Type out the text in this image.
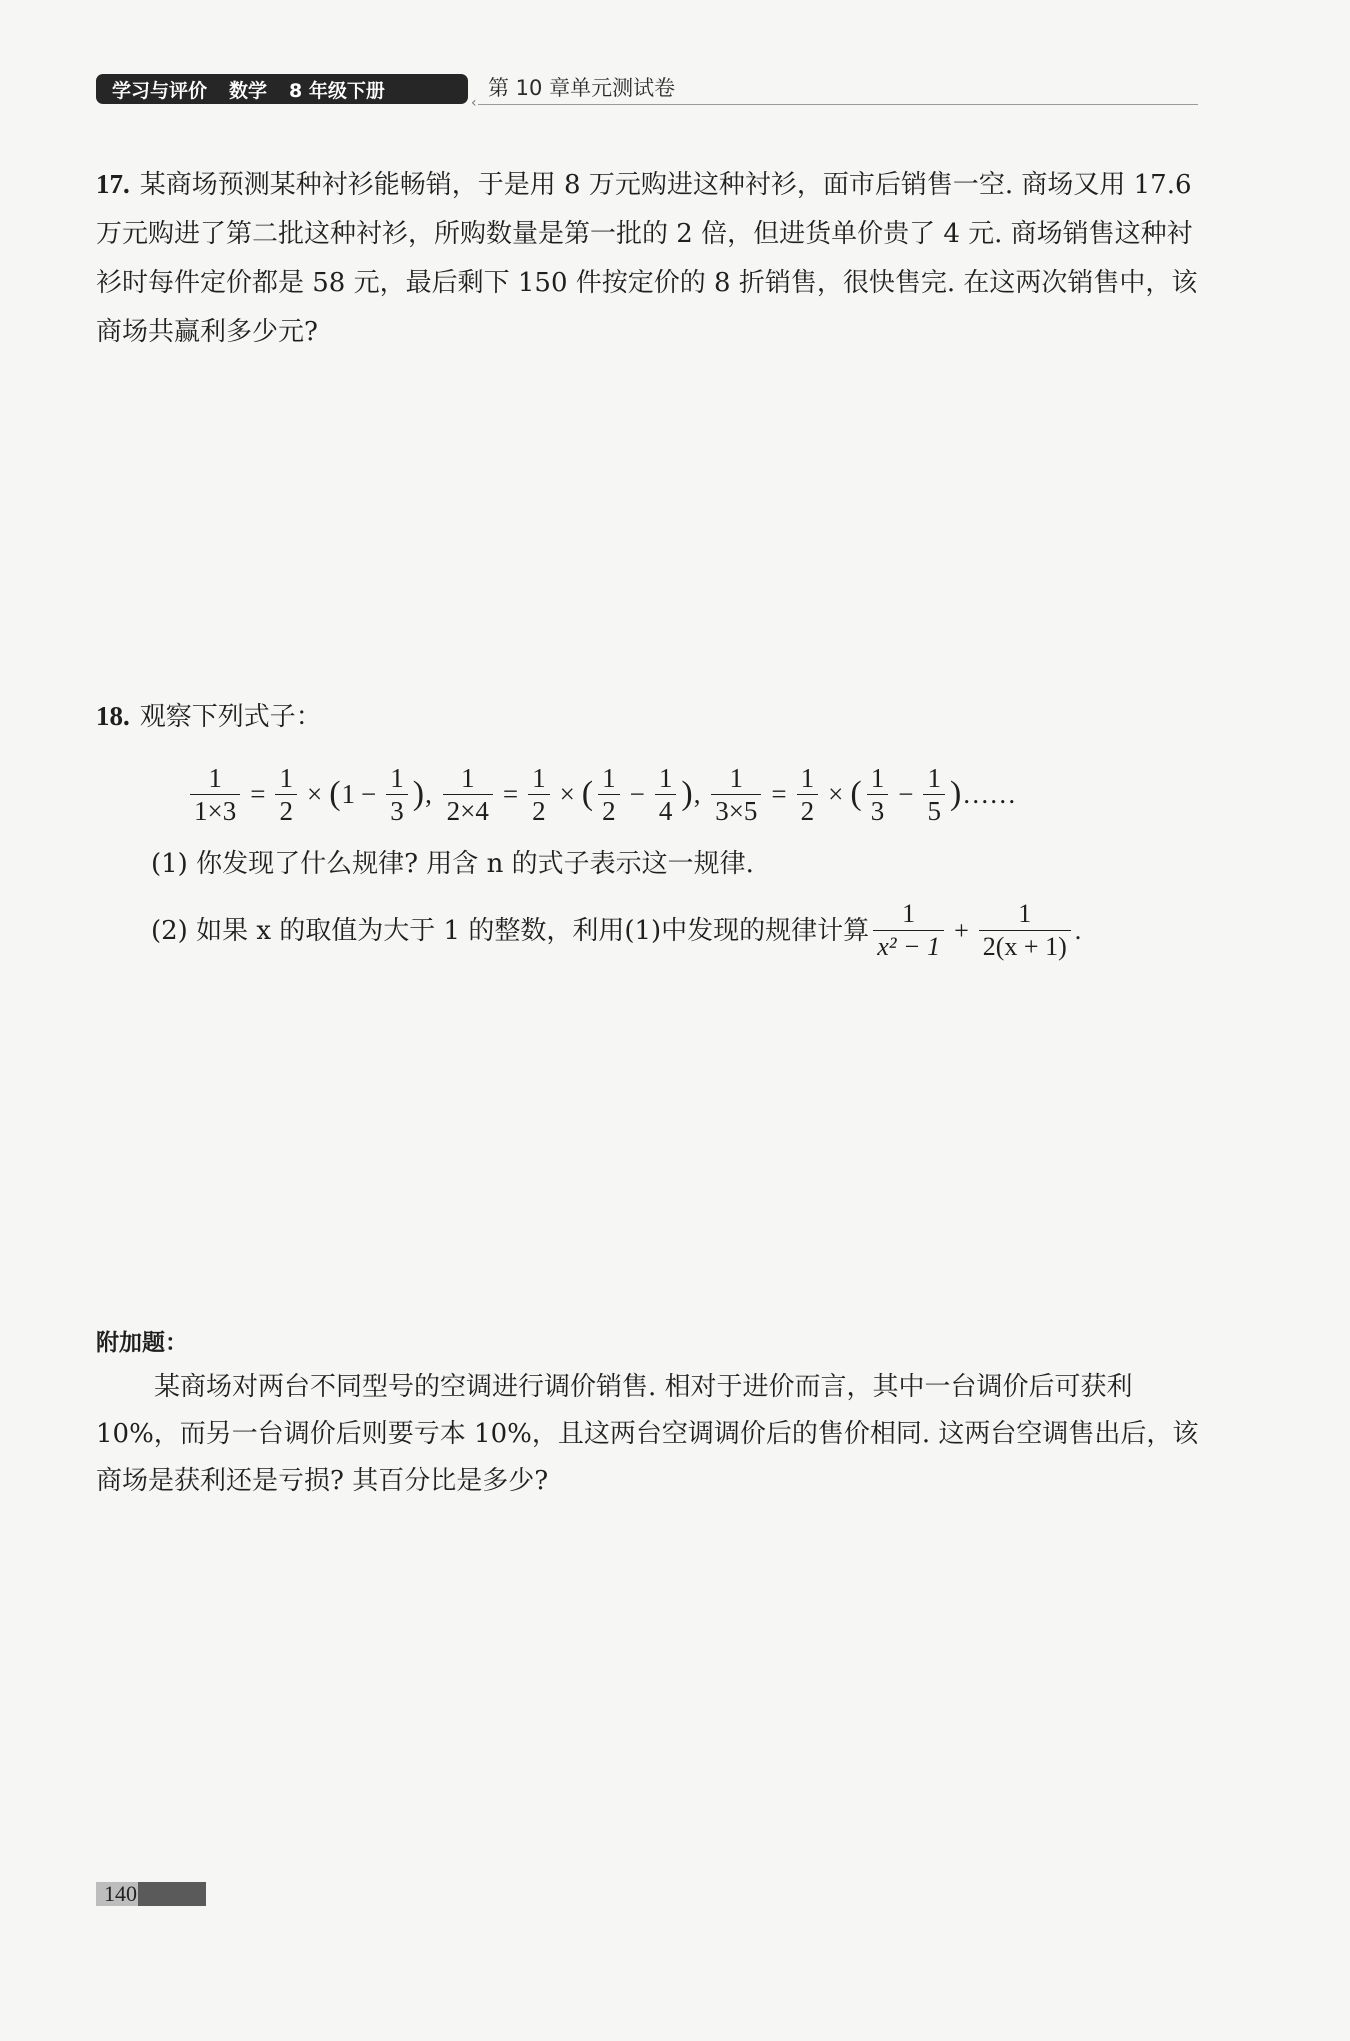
学习与评价 数学 8 年级下册	第 10 章单元测试卷
‹
17. 某商场预测某种衬衫能畅销，于是用 8 万元购进这种衬衫，面市后销售一空. 商场又用 17.6 万元购进了第二批这种衬衫，所购数量是第一批的 2 倍，但进货单价贵了 4 元. 商场销售这种衬衫时每件定价都是 58 元，最后剩下 150 件按定价的 8 折销售，很快售完. 在这两次销售中，该商场共赢利多少元?
18. 观察下列式子：
$\frac{1}{1\times 3} = \frac{1}{2}$ × ( $1 - \frac{1}{3}$ ) , $\frac{1}{2\times 4} = \frac{1}{2}$ × ( $\frac{1}{2} - \frac{1}{4}$ ) , $\frac{1}{3\times 5} = \frac{1}{2}$ × ( $\frac{1}{3} - \frac{1}{5}$ ) ……
(1) 你发现了什么规律? 用含 n 的式子表示这一规律.
(2) 如果 x 的取值为大于 1 的整数，利用(1)中发现的规律计算 $\frac{1}{\text{x² − 1}} + \frac{1}{2(x + 1)}$ .
附加题：
某商场对两台不同型号的空调进行调价销售. 相对于进价而言，其中一台调价后可获利 10%，而另一台调价后则要亏本 10%，且这两台空调调价后的售价相同. 这两台空调售出后，该商场是获利还是亏损? 其百分比是多少?
140
